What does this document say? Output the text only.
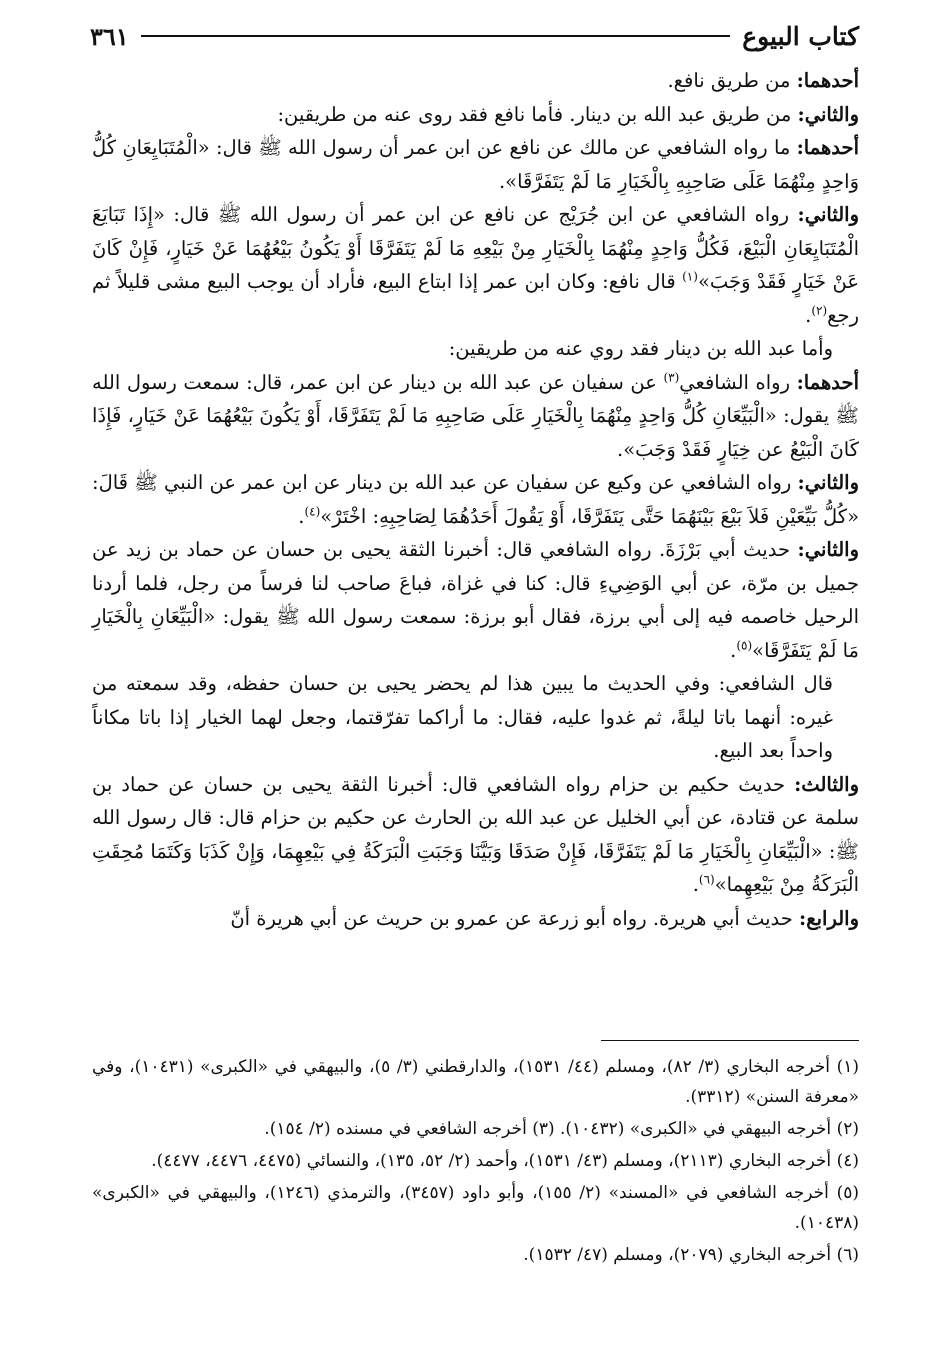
كتاب البيوع
٣٦١

أحدهما: من طريق نافع.

والثاني: من طريق عبد الله بن دينار. فأما نافع فقد روى عنه من طريقين:

أحدهما: ما رواه الشافعي عن مالك عن نافع عن ابن عمر أن رسول الله ﷺ قال: «الْمُتَبَايِعَانِ كُلُّ وَاحِدٍ مِنْهُمَا عَلَى صَاحِبِهِ بِالْخَيَارِ مَا لَمْ يَتَفَرَّقَا».

والثاني: رواه الشافعي عن ابن جُرَيْج عن نافع عن ابن عمر أن رسول الله ﷺ قال: «إِذَا تَبَايَعَ الْمُتَبَايِعَانِ الْبَيْعَ، فَكُلُّ وَاحِدٍ مِنْهُمَا بِالْخَيَارِ مِنْ بَيْعِهِ مَا لَمْ يَتَفَرَّقَا أَوْ يَكُونُ بَيْعُهُمَا عَنْ خَيَارٍ، فَإِنْ كَانَ عَنْ خَيَارٍ فَقَدْ وَجَبَ»$^{(١)}$ قال نافع: وكان ابن عمر إذا ابتاع البيع، فأراد أن يوجب البيع مشى قليلاً ثم رجع$^{(٢)}$.

وأما عبد الله بن دينار فقد روي عنه من طريقين:

أحدهما: رواه الشافعي$^{(٣)}$ عن سفيان عن عبد الله بن دينار عن ابن عمر، قال: سمعت رسول الله ﷺ يقول: «الْبَيِّعَانِ كُلُّ وَاحِدٍ مِنْهُمَا بِالْخَيَارِ عَلَى صَاحِبِهِ مَا لَمْ يَتَفَرَّقَا، أَوْ يَكُونَ بَيْعُهُمَا عَنْ خَيَارٍ، فَإِذَا كَانَ الْبَيْعُ عن خِيَارٍ فَقَدْ وَجَبَ».

والثاني: رواه الشافعي عن وكيع عن سفيان عن عبد الله بن دينار عن ابن عمر عن النبي ﷺ قَالَ: «كُلُّ بَيِّعَيْنِ فَلاَ بَيْعَ بَيْنَهُمَا حَتَّى يَتَفَرَّقَا، أَوْ يَقُولَ أَحَدُهُمَا لِصَاحِبِهِ: اخْتَرْ»$^{(٤)}$.

والثاني: حديث أبي بَرْزَةَ. رواه الشافعي قال: أخبرنا الثقة يحيى بن حسان عن حماد بن زيد عن جميل بن مرّة، عن أبي الوَضِيءِ قال: كنا في غزاة، فباعَ صاحب لنا فرساً من رجل، فلما أردنا الرحيل خاصمه فيه إلى أبي برزة، فقال أبو برزة: سمعت رسول الله ﷺ يقول: «الْبَيِّعَانِ بِالْخَيَارِ مَا لَمْ يَتَفَرَّقَا»$^{(٥)}$.

قال الشافعي: وفي الحديث ما يبين هذا لم يحضر يحيى بن حسان حفظه، وقد سمعته من غيره: أنهما باتا ليلةً، ثم غدوا عليه، فقال: ما أراكما تفرّقتما، وجعل لهما الخيار إذا باتا مكاناً واحداً بعد البيع.

والثالث: حديث حكيم بن حزام رواه الشافعي قال: أخبرنا الثقة يحيى بن حسان عن حماد بن سلمة عن قتادة، عن أبي الخليل عن عبد الله بن الحارث عن حكيم بن حزام قال: قال رسول الله ﷺ: «الْبَيِّعَانِ بِالْخَيَارِ مَا لَمْ يَتَفَرَّقَا، فَإِنْ صَدَقَا وَبَيَّنَا وَجَبَتِ الْبَرَكَةُ فِي بَيْعِهِمَا، وَإِنْ كَذَبَا وَكَتَمَا مُحِقَتِ الْبَرَكَةُ مِنْ بَيْعِهِما»$^{(٦)}$.

والرابع: حديث أبي هريرة. رواه أبو زرعة عن عمرو بن حريث عن أبي هريرة أنّ

(١) أخرجه البخاري (٣/ ٨٢)، ومسلم (٤٤/ ١٥٣١)، والدارقطني (٣/ ٥)، والبيهقي في «الكبرى» (١٠٤٣١)، وفي «معرفة السنن» (٣٣١٢).

(٢) أخرجه البيهقي في «الكبرى» (١٠٤٣٢). (٣) أخرجه الشافعي في مسنده (٢/ ١٥٤).

(٤) أخرجه البخاري (٢١١٣)، ومسلم (٤٣/ ١٥٣١)، وأحمد (٢/ ٥٢، ١٣٥)، والنسائي (٤٤٧٥، ٤٤٧٦، ٤٤٧٧).

(٥) أخرجه الشافعي في «المسند» (٢/ ١٥٥)، وأبو داود (٣٤٥٧)، والترمذي (١٢٤٦)، والبيهقي في «الكبرى» (١٠٤٣٨).

(٦) أخرجه البخاري (٢٠٧٩)، ومسلم (٤٧/ ١٥٣٢).
